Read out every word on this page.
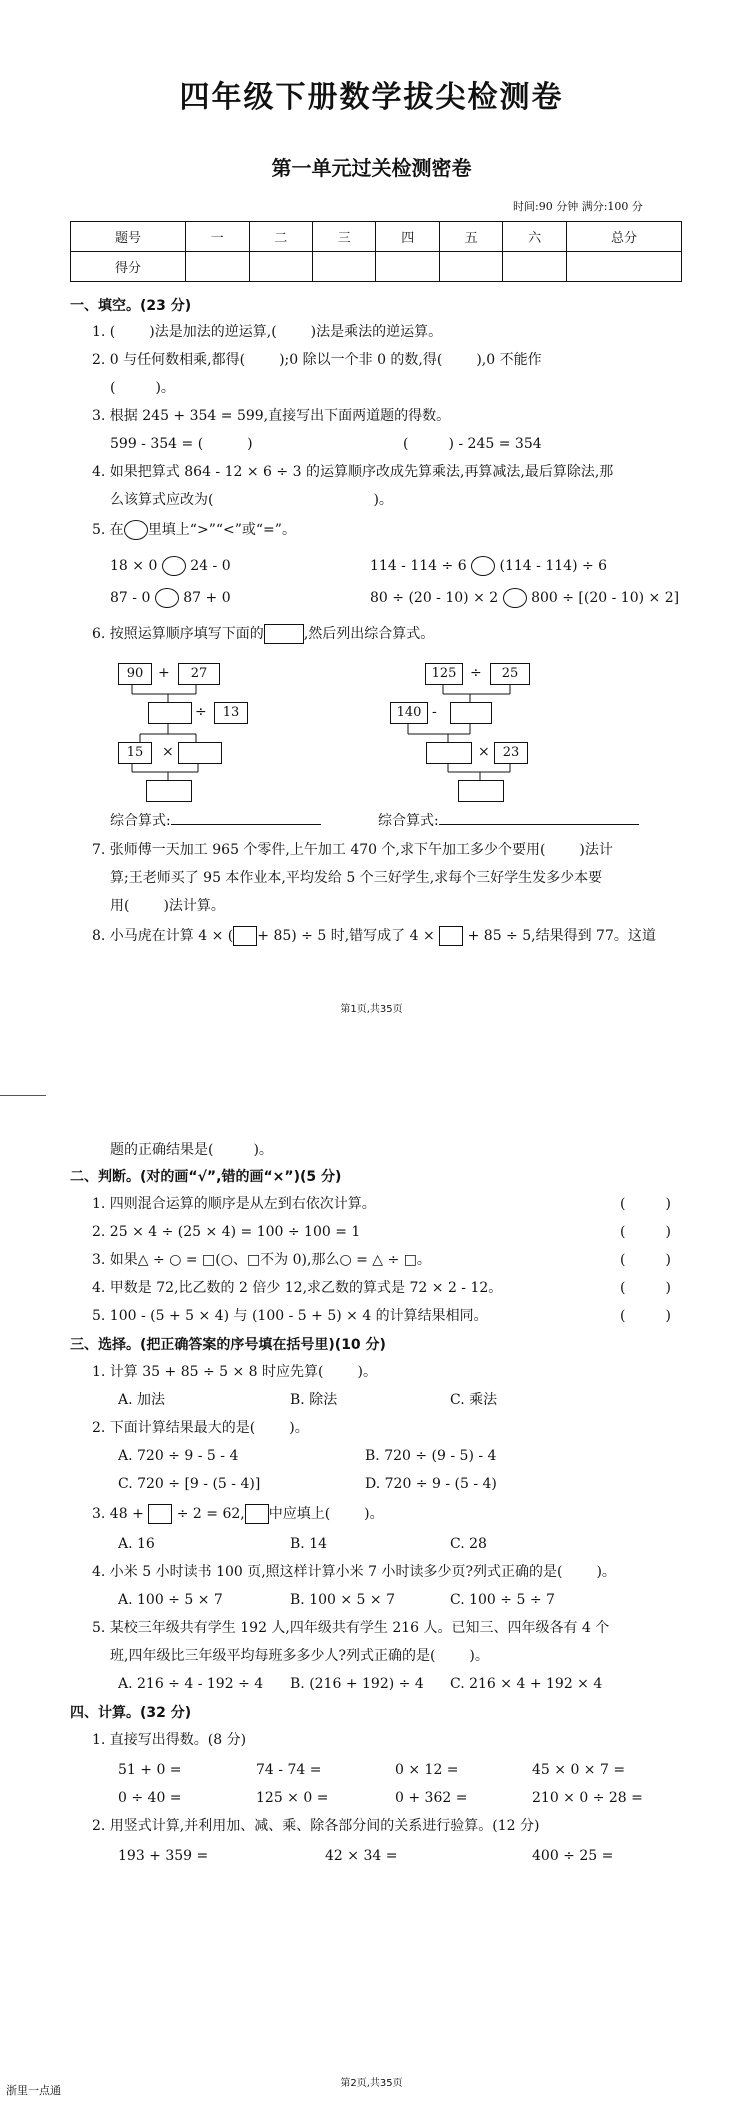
四年级下册数学拔尖检测卷
第一单元过关检测密卷
时间:90 分钟 满分:100 分
题号	一	二	三	四	五	六	总分
得分							
一、填空。(23 分)
1. ( )法是加法的逆运算,( )法是乘法的逆运算。
2. 0 与任何数相乘,都得( );0 除以一个非 0 的数,得( ),0 不能作
(	)。
3. 根据 245 + 354 = 599,直接写出下面两道题的得数。
599 - 354 = (	)	(	) - 245 = 354
4. 如果把算式 864 - 12 × 6 ÷ 3 的运算顺序改成先算乘法,再算减法,最后算除法,那
么该算式应改为(	)。
5. 在 里填上“>”“<”或“=”。
18 × 0 24 - 0	114 - 114 ÷ 6 (114 - 114) ÷ 6
87 - 0 87 + 0	80 ÷ (20 - 10) × 2 800 ÷ [(20 - 10) × 2]
6. 按照运算顺序填写下面的	,然后列出综合算式。
90	+	27
÷	13
15	×
125 ÷	25
140 -
× 23
综合算式:	综合算式:
7. 张师傅一天加工 965 个零件,上午加工 470 个,求下午加工多少个要用( )法计
算;王老师买了 95 本作业本,平均发给 5 个三好学生,求每个三好学生发多少本要
用( )法计算。
8. 小马虎在计算 4 × ( + 85) ÷ 5 时,错写成了 4 × + 85 ÷ 5,结果得到 77。这道
第1页,共35页
题的正确结果是(	)。
二、判断。(对的画“√”,错的画“×”)(5 分)
1. 四则混合运算的顺序是从左到右依次计算。
2. 25 × 4 ÷ (25 × 4) = 100 ÷ 100 = 1
3. 如果△ ÷ ○ = □(○、□不为 0),那么○ = △ ÷ □。
4. 甲数是 72,比乙数的 2 倍少 12,求乙数的算式是 72 × 2 - 12。
5. 100 - (5 + 5 × 4) 与 (100 - 5 + 5) × 4 的计算结果相同。
(	)
(	)
(	)
(	)
(	)
三、选择。(把正确答案的序号填在括号里)(10 分)
1. 计算 35 + 85 ÷ 5 × 8 时应先算( )。
A. 加法	B. 除法	C. 乘法
2. 下面计算结果最大的是( )。
A. 720 ÷ 9 - 5 - 4	B. 720 ÷ (9 - 5) - 4
C. 720 ÷ [9 - (5 - 4)]	D. 720 ÷ 9 - (5 - 4)
3. 48 + ÷ 2 = 62, 中应填上( )。
A. 16	B. 14	C. 28
4. 小米 5 小时读书 100 页,照这样计算小米 7 小时读多少页?列式正确的是( )。
A. 100 ÷ 5 × 7	B. 100 × 5 × 7	C. 100 ÷ 5 ÷ 7
5. 某校三年级共有学生 192 人,四年级共有学生 216 人。已知三、四年级各有 4 个
班,四年级比三年级平均每班多多少人?列式正确的是( )。
A. 216 ÷ 4 - 192 ÷ 4 B. (216 + 192) ÷ 4 C. 216 × 4 + 192 × 4
四、计算。(32 分)
1. 直接写出得数。(8 分)
51 + 0 =	74 - 74 =	0 × 12 =	45 × 0 × 7 =
0 ÷ 40 =	125 × 0 =	0 + 362 =	210 × 0 ÷ 28 =
2. 用竖式计算,并利用加、减、乘、除各部分间的关系进行验算。(12 分)
193 + 359 =	42 × 34 =	400 ÷ 25 =
第2页,共35页
浙里一点通
